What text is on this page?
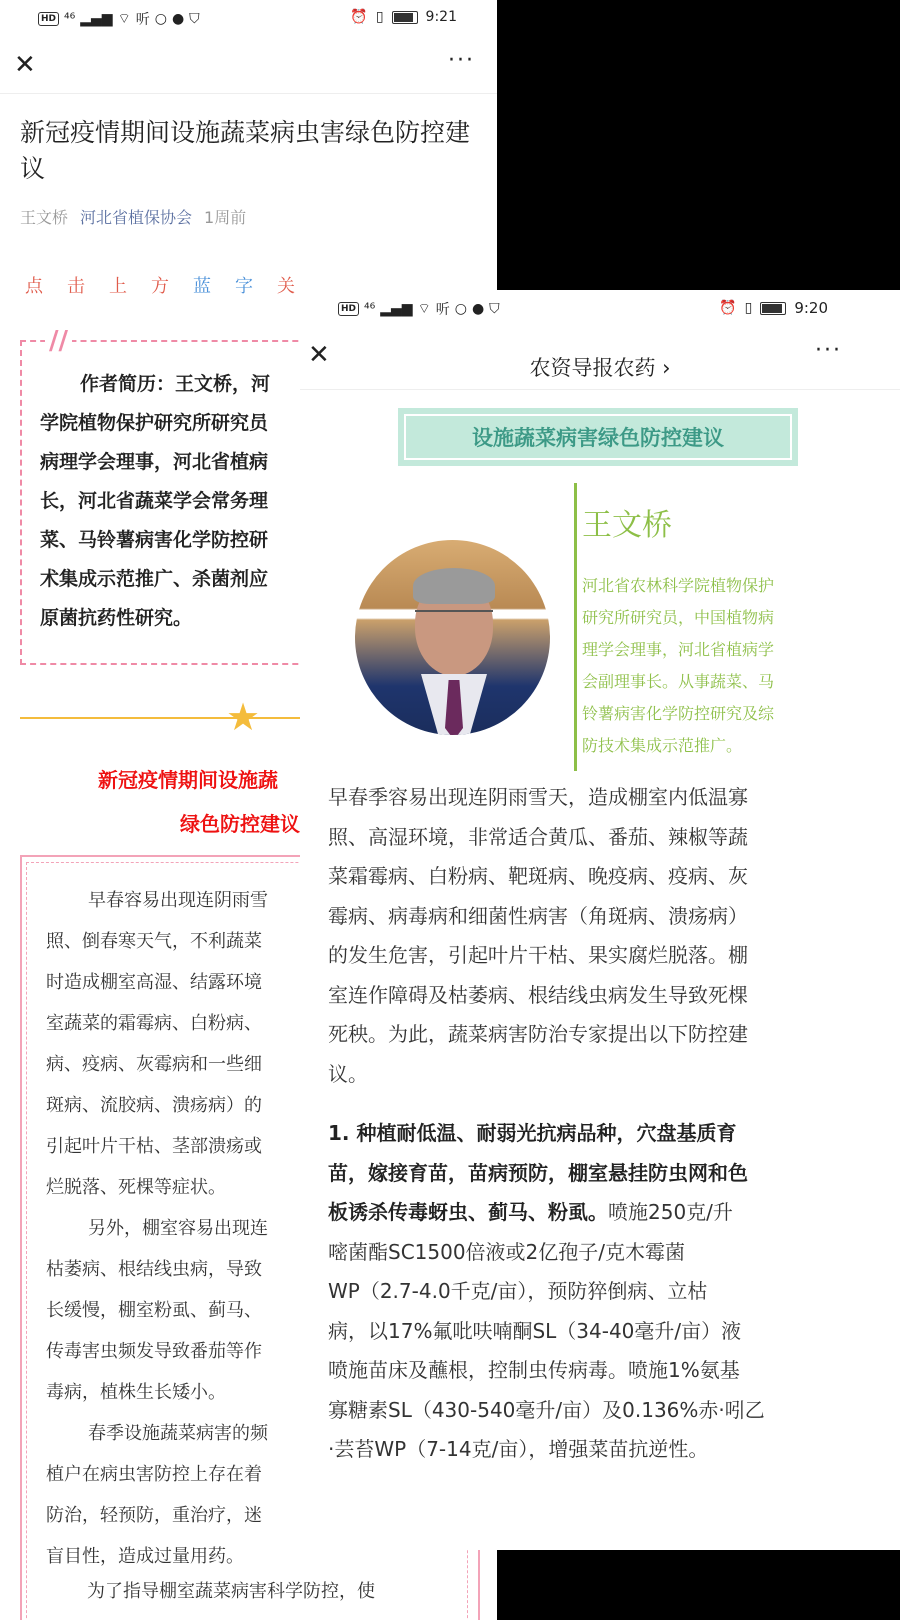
HD ⁴⁶ ▂▄▆ ⌔ 听 ○ ● ⛉	⏰ ▯	9:21
✕	···
新冠疫情期间设施蔬菜病虫害绿色防控建议
王文桥 河北省植保协会 1周前
点 击 上 方 蓝 字 关
//
作者简历：王文桥，河
学院植物保护研究所研究员
病理学会理事，河北省植病
长，河北省蔬菜学会常务理
菜、马铃薯病害化学防控研
术集成示范推广、杀菌剂应
原菌抗药性研究。
★
新冠疫情期间设施蔬
绿色防控建议
早春容易出现连阴雨雪
照、倒春寒天气，不利蔬菜
时造成棚室高湿、结露环境
室蔬菜的霜霉病、白粉病、
病、疫病、灰霉病和一些细
斑病、流胶病、溃疡病）的
引起叶片干枯、茎部溃疡或
烂脱落、死棵等症状。
另外，棚室容易出现连
枯萎病、根结线虫病，导致
长缓慢，棚室粉虱、蓟马、
传毒害虫频发导致番茄等作
毒病，植株生长矮小。
春季设施蔬菜病害的频
植户在病虫害防控上存在着
防治，轻预防，重治疗，迷
盲目性，造成过量用药。
为了指导棚室蔬菜病害科学防控，使
HD ⁴⁶ ▂▄▆ ⌔ 听 ○ ● ⛉	⏰ ▯	9:20
✕	···
农资导报农药 ›
设施蔬菜病害绿色防控建议
王文桥
河北省农林科学院植物保护
研究所研究员，中国植物病
理学会理事，河北省植病学
会副理事长。从事蔬菜、马
铃薯病害化学防控研究及综
防技术集成示范推广。
早春季容易出现连阴雨雪天，造成棚室内低温寡
照、高湿环境，非常适合黄瓜、番茄、辣椒等蔬
菜霜霉病、白粉病、靶斑病、晚疫病、疫病、灰
霉病、病毒病和细菌性病害（角斑病、溃疡病）
的发生危害，引起叶片干枯、果实腐烂脱落。棚
室连作障碍及枯萎病、根结线虫病发生导致死棵
死秧。为此，蔬菜病害防治专家提出以下防控建
议。
1. 种植耐低温、耐弱光抗病品种，穴盘基质育
苗，嫁接育苗，苗病预防，棚室悬挂防虫网和色
板诱杀传毒蚜虫、蓟马、粉虱。喷施250克/升
嘧菌酯SC1500倍液或2亿孢子/克木霉菌
WP（2.7-4.0千克/亩），预防猝倒病、立枯
病，以17%氟吡呋喃酮SL（34-40毫升/亩）液
喷施苗床及蘸根，控制虫传病毒。喷施1%氨基
寡糖素SL（430-540毫升/亩）及0.136%赤·吲乙
·芸苔WP（7-14克/亩），增强菜苗抗逆性。
